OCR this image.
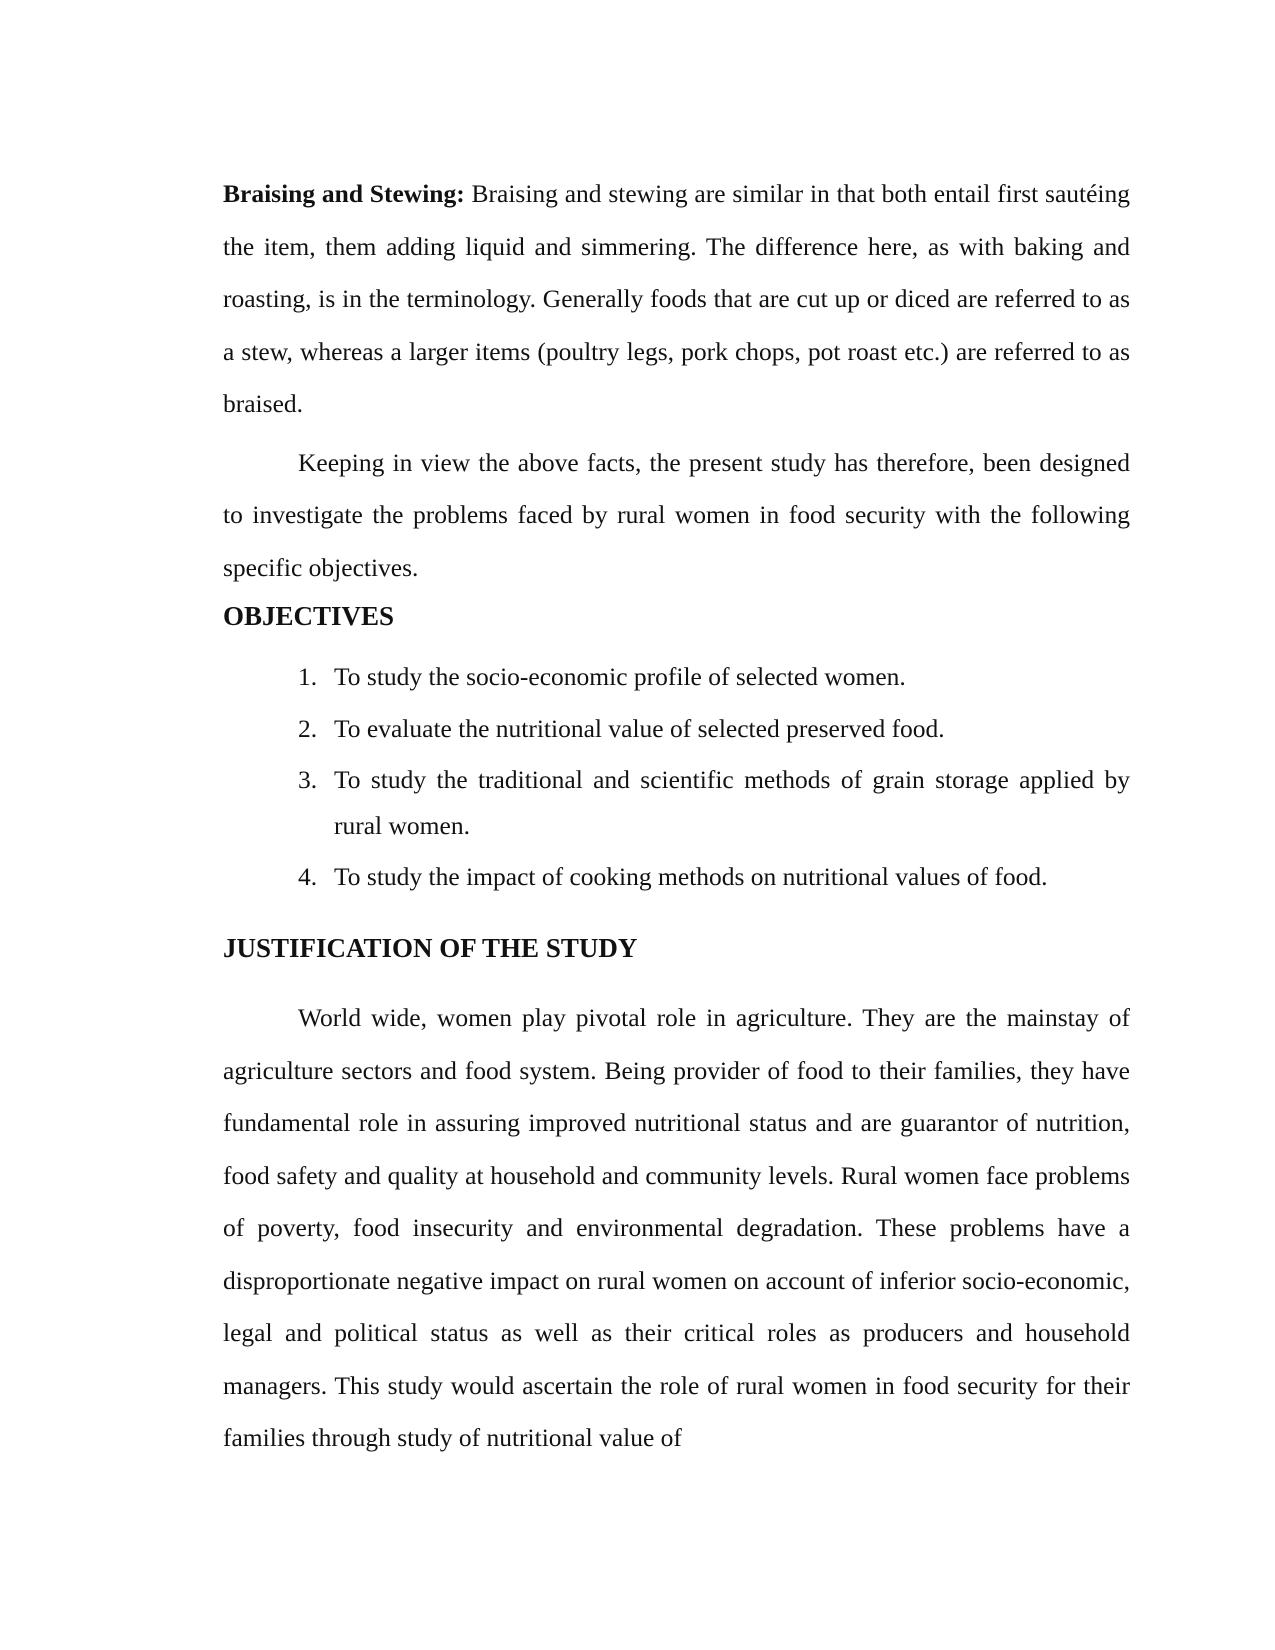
Braising and Stewing: Braising and stewing are similar in that both entail first sautéing the item, them adding liquid and simmering. The difference here, as with baking and roasting, is in the terminology. Generally foods that are cut up or diced are referred to as a stew, whereas a larger items (poultry legs, pork chops, pot roast etc.) are referred to as braised.

Keeping in view the above facts, the present study has therefore, been designed to investigate the problems faced by rural women in food security with the following specific objectives.

OBJECTIVES
1. To study the socio-economic profile of selected women.
2. To evaluate the nutritional value of selected preserved food.
3. To study the traditional and scientific methods of grain storage applied by rural women.
4. To study the impact of cooking methods on nutritional values of food.
JUSTIFICATION OF THE STUDY

World wide, women play pivotal role in agriculture. They are the mainstay of agriculture sectors and food system. Being provider of food to their families, they have fundamental role in assuring improved nutritional status and are guarantor of nutrition, food safety and quality at household and community levels. Rural women face problems of poverty, food insecurity and environmental degradation. These problems have a disproportionate negative impact on rural women on account of inferior socio-economic, legal and political status as well as their critical roles as producers and household managers. This study would ascertain the role of rural women in food security for their families through study of nutritional value of
